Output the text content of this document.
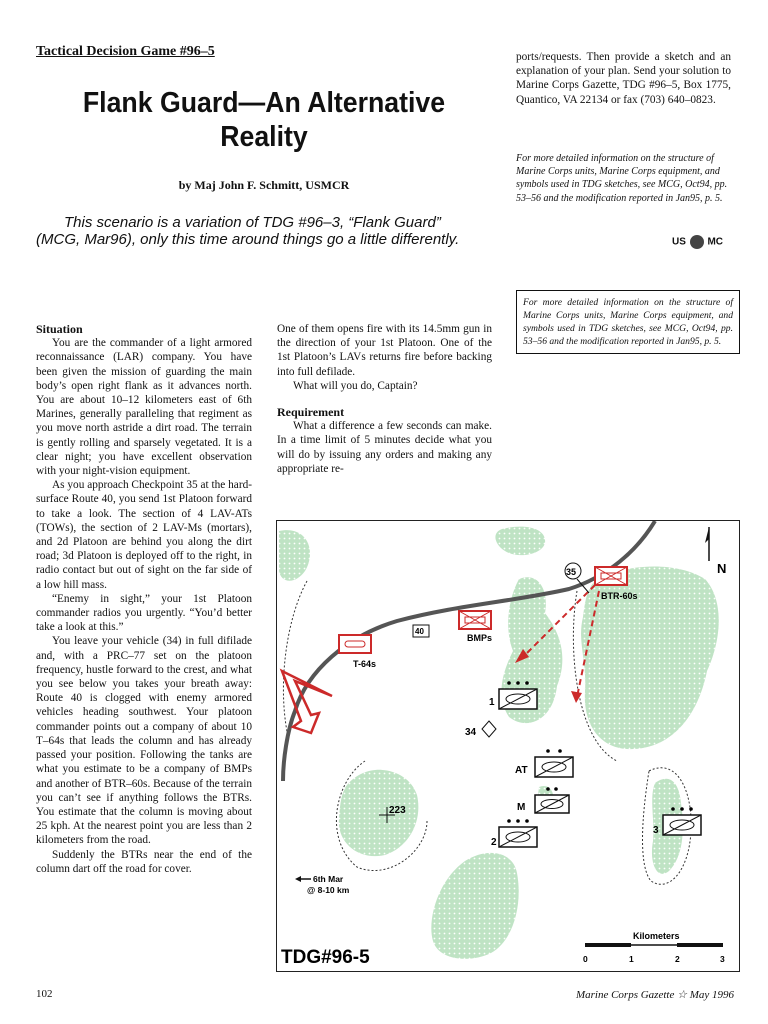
Tactical Decision Game #96–5
Flank Guard—An Alternative
Reality
by Maj John F. Schmitt, USMCR
This scenario is a variation of TDG #96–3, “Flank Guard” (MCG, Mar96), only this time around things go a little differently.
Situation

You are the commander of a light armored reconnaissance (LAR) company. You have been given the mission of guarding the main body’s open right flank as it advances north. You are about 10–12 kilometers east of 6th Marines, generally paralleling that regiment as you move north astride a dirt road. The terrain is gently rolling and sparsely vegetated. It is a clear night; you have excellent observation with your night-vision equipment.

As you approach Checkpoint 35 at the hard-surface Route 40, you send 1st Platoon forward to take a look. The section of 4 LAV-ATs (TOWs), the section of 2 LAV-Ms (mortars), and 2d Platoon are behind you along the dirt road; 3d Platoon is deployed off to the right, in radio contact but out of sight on the far side of a low hill mass.

“Enemy in sight,” your 1st Platoon commander radios you urgently. “You’d better take a look at this.”

You leave your vehicle (34) in full difilade and, with a PRC–77 set on the platoon frequency, hustle forward to the crest, and what you see below you takes your breath away: Route 40 is clogged with enemy armored vehicles heading southwest. Your platoon commander points out a company of about 10 T–64s that leads the column and has already passed your position. Following the tanks are what you estimate to be a company of BMPs and another of BTR–60s. Because of the terrain you can’t see if anything follows the BTRs. You estimate that the column is moving about 25 kph. At the nearest point you are less than 2 kilometers from the road.

Suddenly the BTRs near the end of the column dart off the road for cover.

One of them opens fire with its 14.5mm gun in the direction of your 1st Platoon. One of the 1st Platoon’s LAVs returns fire before backing into full defilade.

What will you do, Captain?

Requirement

What a difference a few seconds can make. In a time limit of 5 minutes decide what you will do by issuing any orders and making any appropriate re-

ports/requests. Then provide a sketch and an explanation of your plan. Send your solution to Marine Corps Gazette, TDG #96–5, Box 1775, Quantico, VA 22134 or fax (703) 640–0823.

For more detailed information on the structure of Marine Corps units, Marine Corps equipment, and symbols used in TDG sketches, see MCG, Oct94, pp. 53–56 and the modification reported in Jan95, p. 5.
US MC
For more detailed information on the structure of Marine Corps units, Marine Corps equipment, and symbols used in TDG sketches, see MCG, Oct94, pp. 53–56 and the modification reported in Jan95, p. 5.
N
35
BTR-60s
BMPs
T-64s
40
1
34
AT
M
2
3
223
6th Mar
@ 8-10 km
Kilometers
0	1	2	3
TDG#96-5
102	Marine Corps Gazette ☆ May 1996
